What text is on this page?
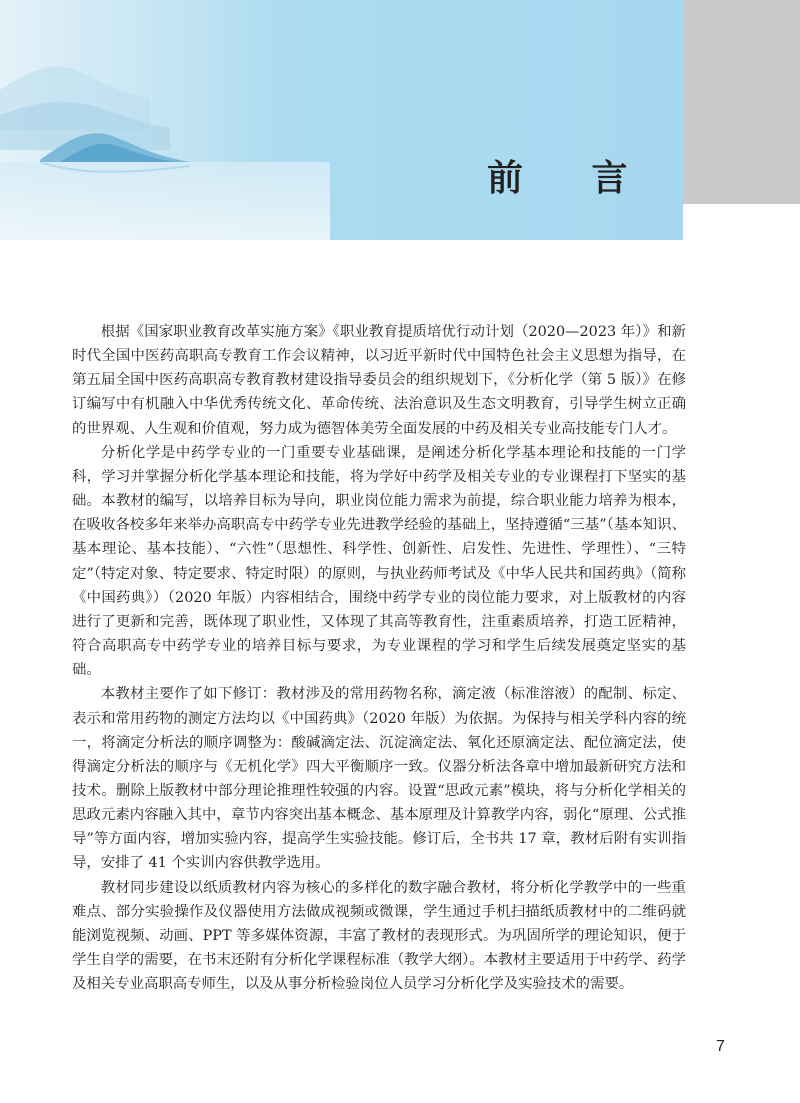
前 言

根据《国家职业教育改革实施方案》《职业教育提质培优行动计划（2020—2023 年）》和新时代全国中医药高职高专教育工作会议精神，以习近平新时代中国特色社会主义思想为指导，在第五届全国中医药高职高专教育教材建设指导委员会的组织规划下，《分析化学（第 5 版）》在修订编写中有机融入中华优秀传统文化、革命传统、法治意识及生态文明教育，引导学生树立正确的世界观、人生观和价值观，努力成为德智体美劳全面发展的中药及相关专业高技能专门人才。

分析化学是中药学专业的一门重要专业基础课，是阐述分析化学基本理论和技能的一门学科，学习并掌握分析化学基本理论和技能，将为学好中药学及相关专业的专业课程打下坚实的基础。本教材的编写，以培养目标为导向，职业岗位能力需求为前提，综合职业能力培养为根本，在吸收各校多年来举办高职高专中药学专业先进教学经验的基础上，坚持遵循“三基”（基本知识、基本理论、基本技能）、“六性”（思想性、科学性、创新性、启发性、先进性、学理性）、“三特定”（特定对象、特定要求、特定时限）的原则，与执业药师考试及《中华人民共和国药典》（简称《中国药典》）（2020 年版）内容相结合，围绕中药学专业的岗位能力要求，对上版教材的内容进行了更新和完善，既体现了职业性，又体现了其高等教育性，注重素质培养，打造工匠精神，符合高职高专中药学专业的培养目标与要求，为专业课程的学习和学生后续发展奠定坚实的基础。

本教材主要作了如下修订：教材涉及的常用药物名称，滴定液（标准溶液）的配制、标定、表示和常用药物的测定方法均以《中国药典》（2020 年版）为依据。为保持与相关学科内容的统一，将滴定分析法的顺序调整为：酸碱滴定法、沉淀滴定法、氧化还原滴定法、配位滴定法，使得滴定分析法的顺序与《无机化学》四大平衡顺序一致。仪器分析法各章中增加最新研究方法和技术。删除上版教材中部分理论推理性较强的内容。设置“思政元素”模块，将与分析化学相关的思政元素内容融入其中，章节内容突出基本概念、基本原理及计算教学内容，弱化“原理、公式推导”等方面内容，增加实验内容，提高学生实验技能。修订后，全书共 17 章，教材后附有实训指导，安排了 41 个实训内容供教学选用。

教材同步建设以纸质教材内容为核心的多样化的数字融合教材，将分析化学教学中的一些重难点、部分实验操作及仪器使用方法做成视频或微课，学生通过手机扫描纸质教材中的二维码就能浏览视频、动画、PPT 等多媒体资源，丰富了教材的表现形式。为巩固所学的理论知识，便于学生自学的需要，在书末还附有分析化学课程标准（教学大纲）。本教材主要适用于中药学、药学及相关专业高职高专师生，以及从事分析检验岗位人员学习分析化学及实验技术的需要。

7
